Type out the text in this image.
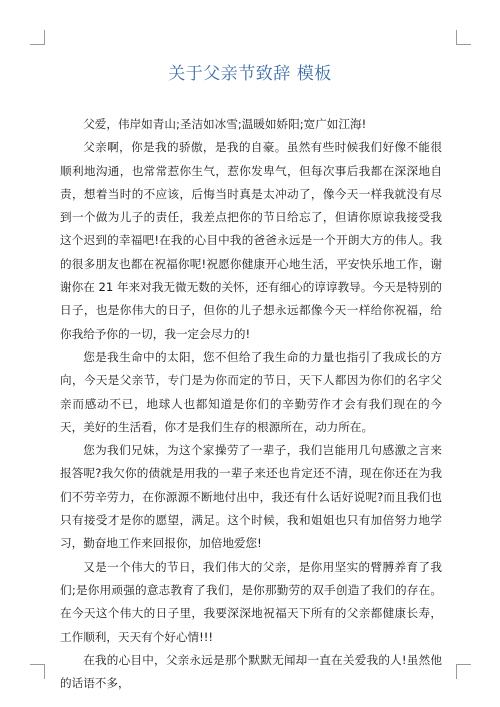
关于父亲节致辞 模板

父爱，伟岸如青山;圣洁如冰雪;温暖如娇阳;宽广如江海!

父亲啊，你是我的骄傲，是我的自豪。虽然有些时候我们好像不能很顺利地沟通，也常常惹你生气，惹你发卑气，但每次事后我都在深深地自责，想着当时的不应该，后悔当时真是太冲动了，像今天一样我就没有尽到一个做为儿子的责任，我差点把你的节日给忘了，但请你原谅我接受我这个迟到的幸福吧!在我的心目中我的爸爸永远是一个开朗大方的伟人。我的很多朋友也都在祝福你呢!祝愿你健康开心地生活，平安快乐地工作，谢谢你在 21 年来对我无微无数的关怀，还有细心的谆谆教导。今天是特别的日子，也是你伟大的日子，但你的儿子想永远都像今天一样给你祝福，给你我给予你的一切，我一定会尽力的!

您是我生命中的太阳，您不但给了我生命的力量也指引了我成长的方向，今天是父亲节，专门是为你而定的节日，天下人都因为你们的名字父亲而感动不已，地球人也都知道是你们的辛勤劳作才会有我们现在的今天，美好的生活看，你才是我们生存的根源所在，动力所在。

您为我们兄妹，为这个家操劳了一辈子，我们岂能用几句感激之言来报答呢?我欠你的债就是用我的一辈子来还也肯定还不清，现在你还在为我们不劳辛劳力，在你源源不断地付出中，我还有什么话好说呢?而且我们也只有接受才是你的愿望，满足。这个时候，我和姐姐也只有加倍努力地学习，勤奋地工作来回报你，加倍地爱您!

又是一个伟大的节日，我们伟大的父亲，是你用坚实的臂膊养育了我们;是你用顽强的意志教育了我们，是你那勤劳的双手创造了我们的存在。在今天这个伟大的日子里，我要深深地祝福天下所有的父亲都健康长寿，工作顺利，天天有个好心情!!!

在我的心目中，父亲永远是那个默默无闻却一直在关爱我的人!虽然他的话语不多，
